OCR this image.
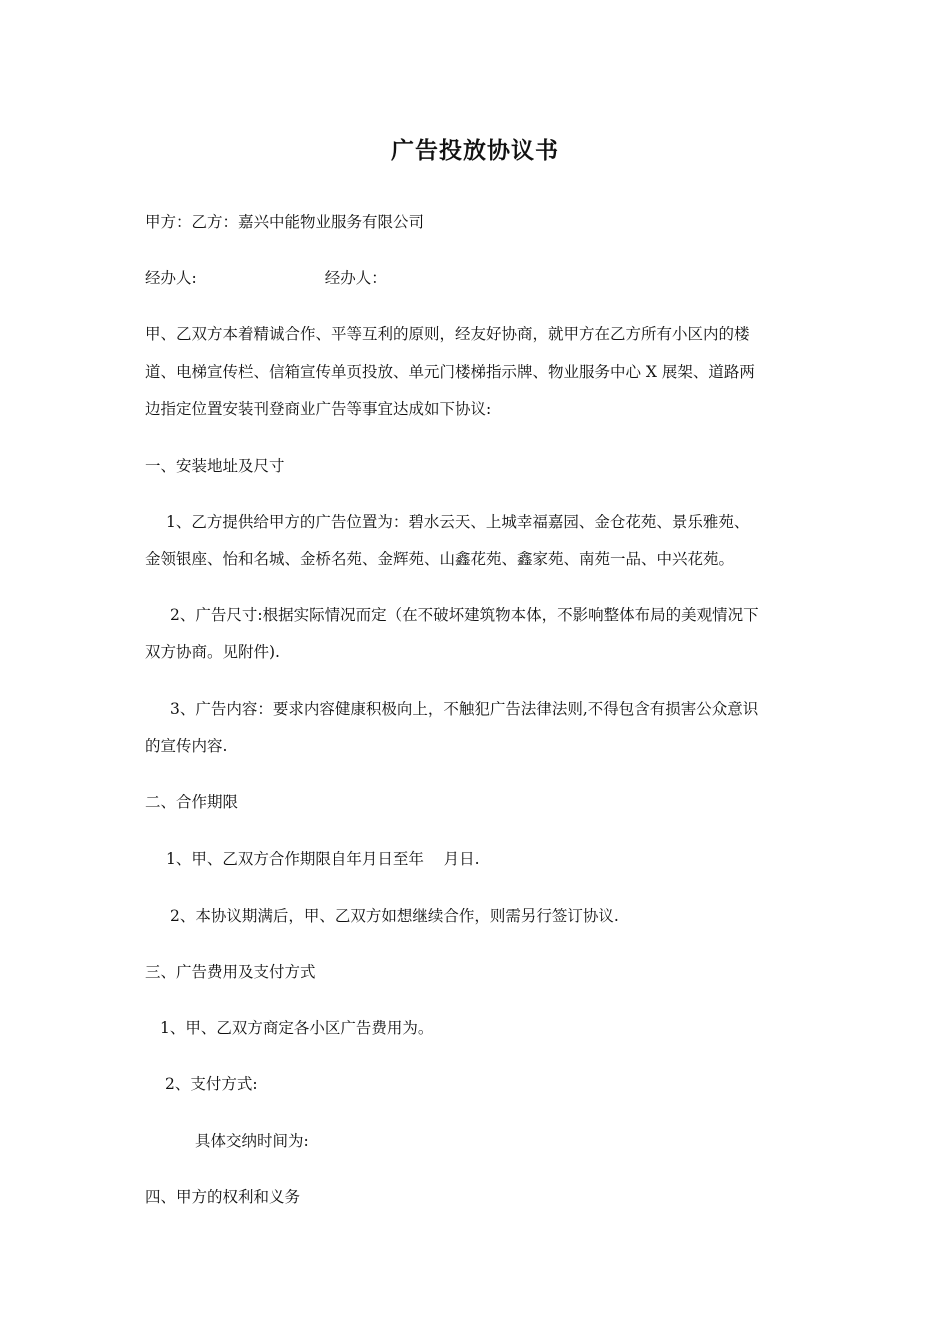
广告投放协议书
甲方：乙方：嘉兴中能物业服务有限公司
经办人:	经办人：
甲、乙双方本着精诚合作、平等互利的原则，经友好协商，就甲方在乙方所有小区内的楼
道、电梯宣传栏、信箱宣传单页投放、单元门楼梯指示牌、物业服务中心 X 展架、道路两
边指定位置安装刊登商业广告等事宜达成如下协议:
一、安装地址及尺寸
1、乙方提供给甲方的广告位置为：碧水云天、上城幸福嘉园、金仓花苑、景乐雅苑、
金领银座、怡和名城、金桥名苑、金辉苑、山鑫花苑、鑫家苑、南苑一品、中兴花苑。
2、广告尺寸:根据实际情况而定（在不破坏建筑物本体，不影响整体布局的美观情况下
双方协商。见附件).
3、广告内容：要求内容健康积极向上，不触犯广告法律法则,不得包含有损害公众意识
的宣传内容.
二、合作期限
1、甲、乙双方合作期限自年月日至年    月日.
2、本协议期满后，甲、乙双方如想继续合作，则需另行签订协议.
三、广告费用及支付方式
1、甲、乙双方商定各小区广告费用为。
2、支付方式:
具体交纳时间为:
四、甲方的权利和义务
